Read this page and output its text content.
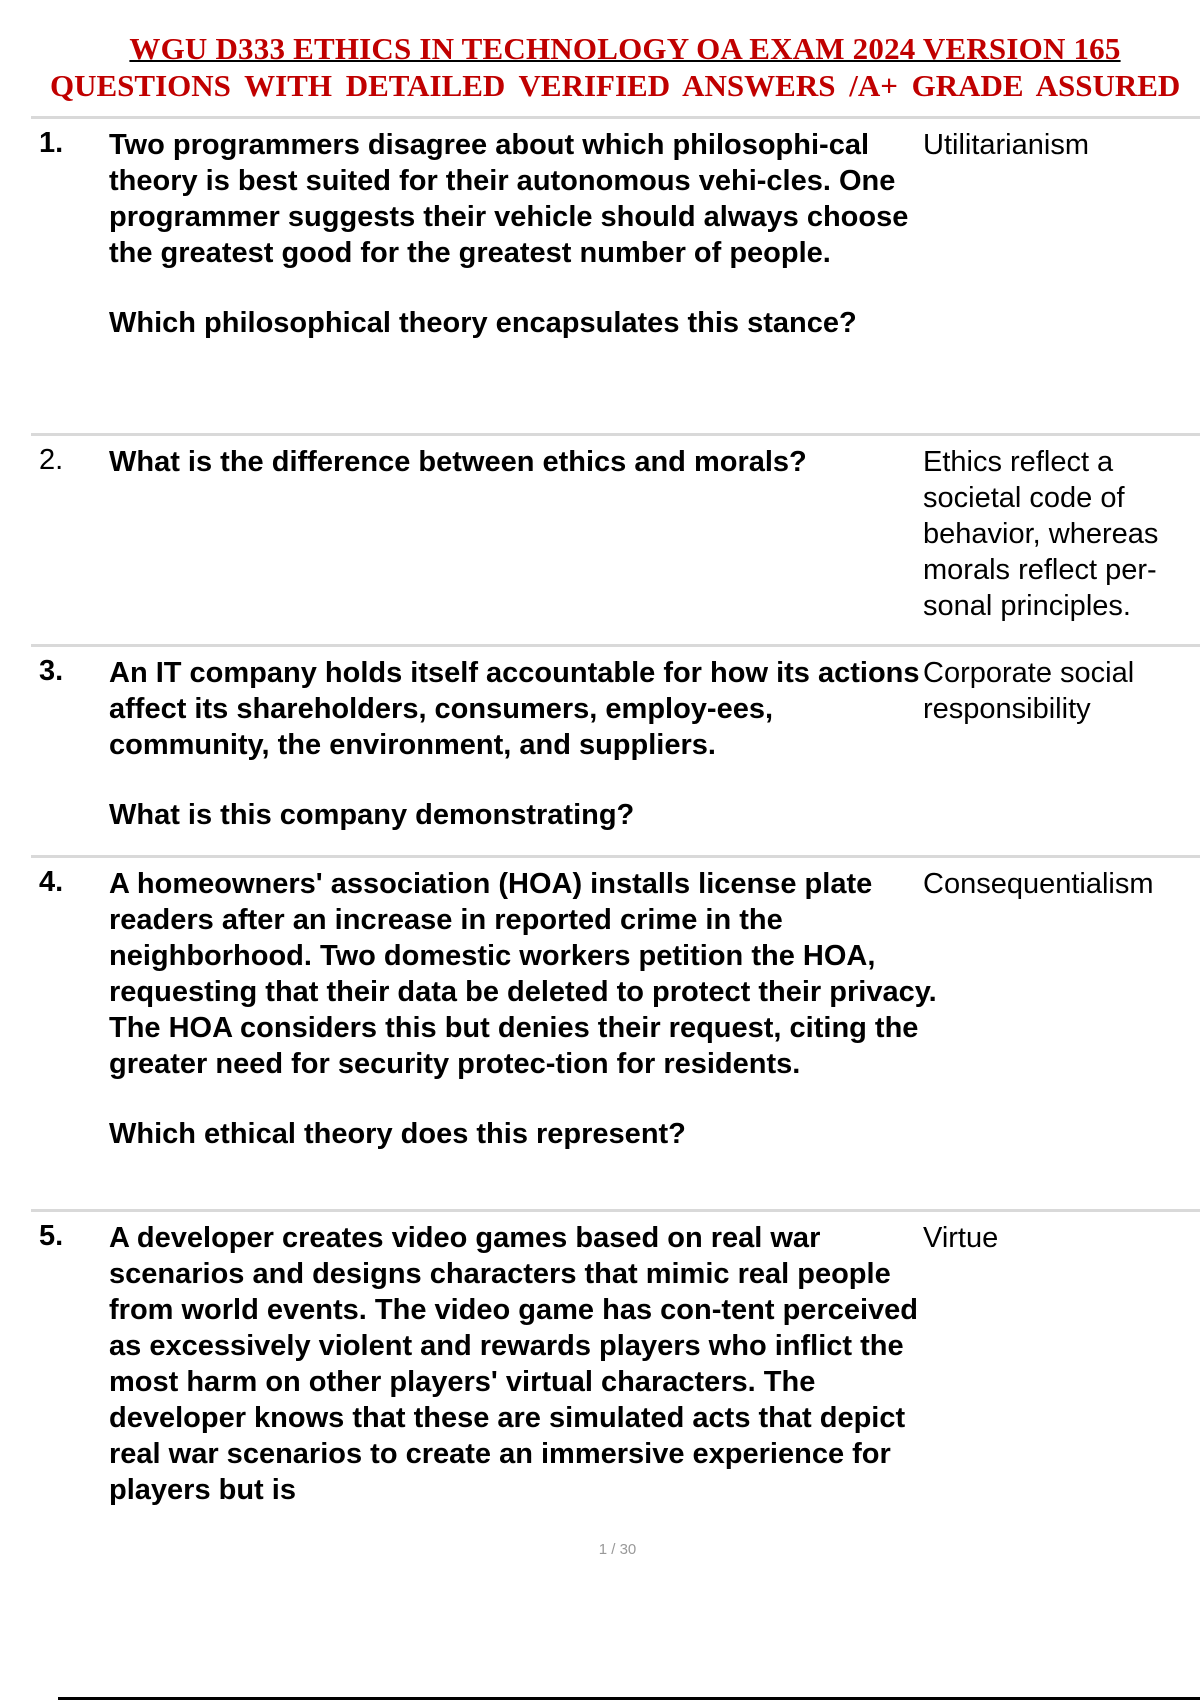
WGU D333 ETHICS IN TECHNOLOGY OA EXAM 2024 VERSION 165
QUESTIONS WITH DETAILED VERIFIED ANSWERS /A+ GRADE ASSURED
1. Two programmers disagree about which philosophi-cal theory is best suited for their autonomous vehi-cles. One programmer suggests their vehicle should always choose the greatest good for the greatest number of people.

Which philosophical theory encapsulates this stance?

Utilitarianism
2. What is the difference between ethics and morals?	Ethics reflect a societal code of behavior, whereas morals reflect per-sonal principles.
3. An IT company holds itself accountable for how its actions affect its shareholders, consumers, employ-ees, community, the environment, and suppliers.

What is this company demonstrating?

Corporate social responsibility
4. A homeowners' association (HOA) installs license plate readers after an increase in reported crime in the neighborhood. Two domestic workers petition the HOA, requesting that their data be deleted to protect their privacy. The HOA considers this but denies their request, citing the greater need for security protec-tion for residents.

Which ethical theory does this represent?

Consequentialism
5. A developer creates video games based on real war scenarios and designs characters that mimic real people from world events. The video game has con-tent perceived as excessively violent and rewards players who inflict the most harm on other players' virtual characters. The developer knows that these are simulated acts that depict real war scenarios to create an immersive experience for players but is

Virtue
1 / 30
